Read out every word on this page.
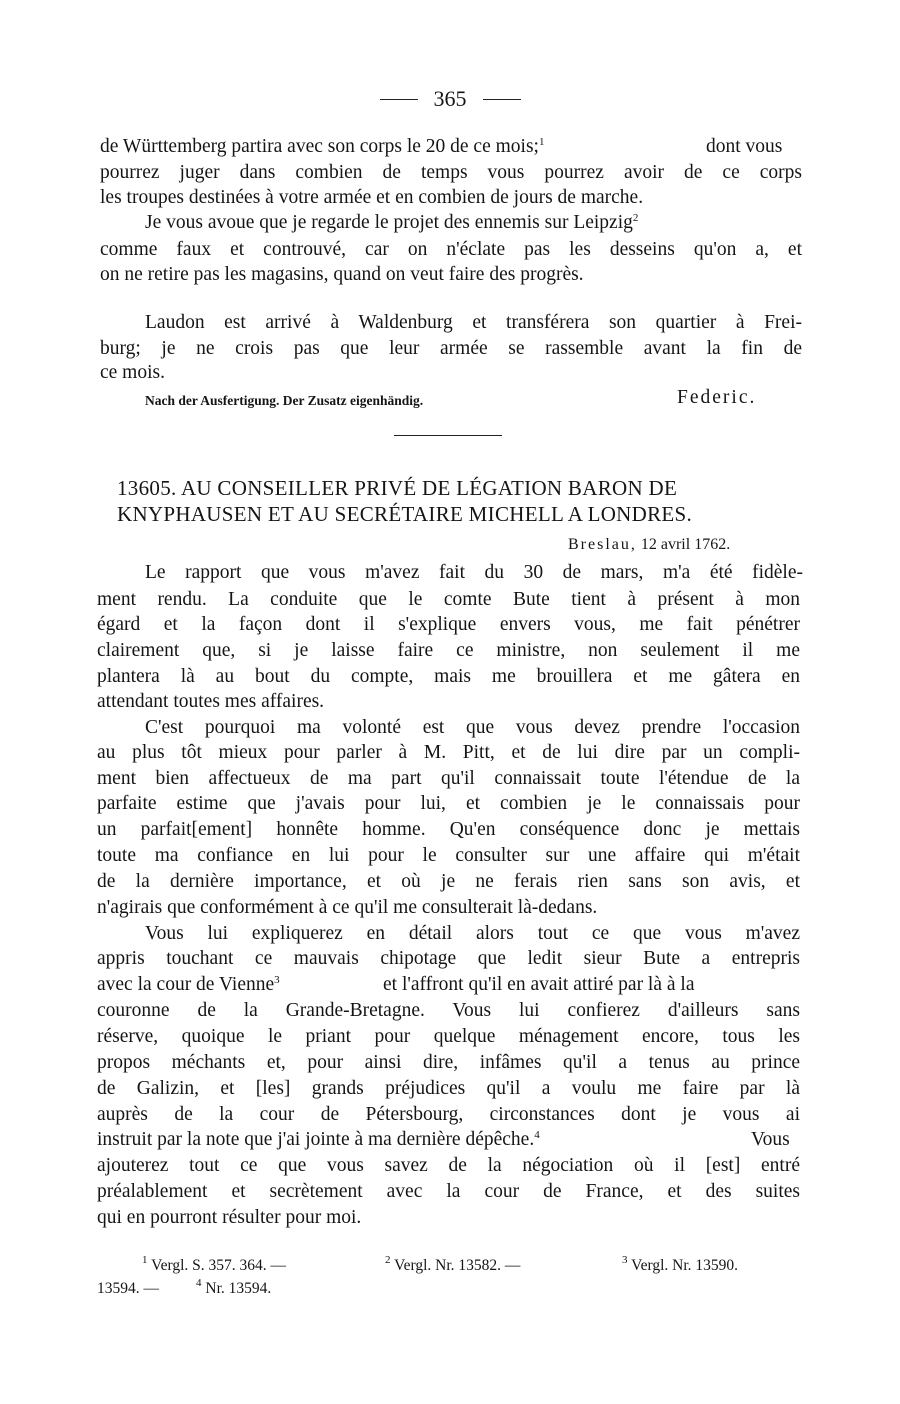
365
de Württemberg partira avec son corps le 20 de ce mois;$^1$	dont vous
pourrez juger dans combien de temps vous pourrez avoir de ce corps
les troupes destinées à votre armée et en combien de jours de marche.
Je vous avoue que je regarde le projet des ennemis sur Leipzig$^2$
comme faux et controuvé, car on n'éclate pas les desseins qu'on a, et
on ne retire pas les magasins, quand on veut faire des progrès.
Laudon est arrivé à Waldenburg et transférera son quartier à Frei-
burg; je ne crois pas que leur armée se rassemble avant la fin de
ce mois.
Nach der Ausfertigung. Der Zusatz eigenhändig.	Federic.
13605. AU CONSEILLER PRIVÉ DE LÉGATION BARON DE
KNYPHAUSEN ET AU SECRÉTAIRE MICHELL A LONDRES.
Breslau, 12 avril 1762.
Le rapport que vous m'avez fait du 30 de mars, m'a été fidèle-
ment rendu. La conduite que le comte Bute tient à présent à mon
égard et la façon dont il s'explique envers vous, me fait pénétrer
clairement que, si je laisse faire ce ministre, non seulement il me
plantera là au bout du compte, mais me brouillera et me gâtera en
attendant toutes mes affaires.
C'est pourquoi ma volonté est que vous devez prendre l'occasion
au plus tôt mieux pour parler à M. Pitt, et de lui dire par un compli-
ment bien affectueux de ma part qu'il connaissait toute l'étendue de la
parfaite estime que j'avais pour lui, et combien je le connaissais pour
un parfait[ement] honnête homme. Qu'en conséquence donc je mettais
toute ma confiance en lui pour le consulter sur une affaire qui m'était
de la dernière importance, et où je ne ferais rien sans son avis, et
n'agirais que conformément à ce qu'il me consulterait là-dedans.
Vous lui expliquerez en détail alors tout ce que vous m'avez
appris touchant ce mauvais chipotage que ledit sieur Bute a entrepris
avec la cour de Vienne$^3$	et l'affront qu'il en avait attiré par là à la
couronne de la Grande-Bretagne. Vous lui confierez d'ailleurs sans
réserve, quoique le priant pour quelque ménagement encore, tous les
propos méchants et, pour ainsi dire, infâmes qu'il a tenus au prince
de Galizin, et [les] grands préjudices qu'il a voulu me faire par là
auprès de la cour de Pétersbourg, circonstances dont je vous ai
instruit par la note que j'ai jointe à ma dernière dépêche.$^4$	Vous
ajouterez tout ce que vous savez de la négociation où il [est] entré
préalablement et secrètement avec la cour de France, et des suites
qui en pourront résulter pour moi.
$^1$ Vergl. S. 357. 364. —	$^2$ Vergl. Nr. 13582. —	$^3$ Vergl. Nr. 13590.
13594. —	$^4$ Nr. 13594.
